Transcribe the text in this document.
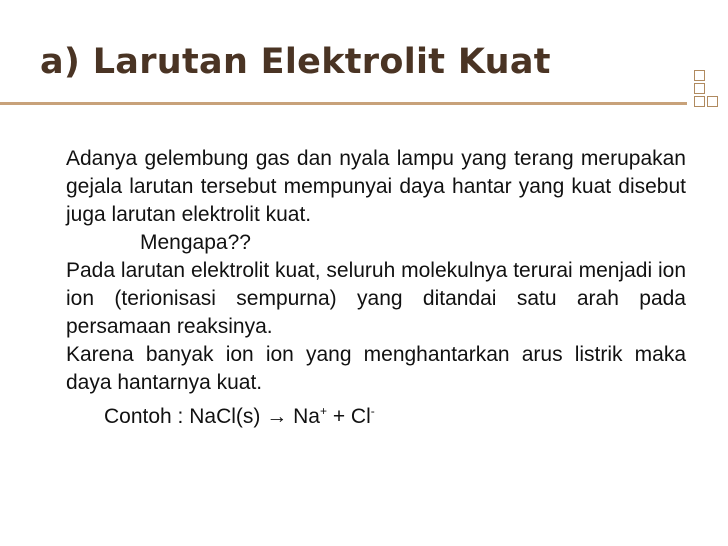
a) Larutan Elektrolit Kuat
Adanya gelembung gas dan nyala lampu yang terang merupakan gejala larutan tersebut mempunyai daya hantar yang kuat disebut juga larutan elektrolit kuat.
Mengapa??
Pada larutan elektrolit kuat, seluruh molekulnya terurai menjadi ion ion (terionisasi sempurna) yang ditandai satu arah pada persamaan reaksinya.
Karena banyak ion ion yang menghantarkan arus listrik maka daya hantarnya kuat.
Contoh : NaCl(s) → Na+ + Cl-
